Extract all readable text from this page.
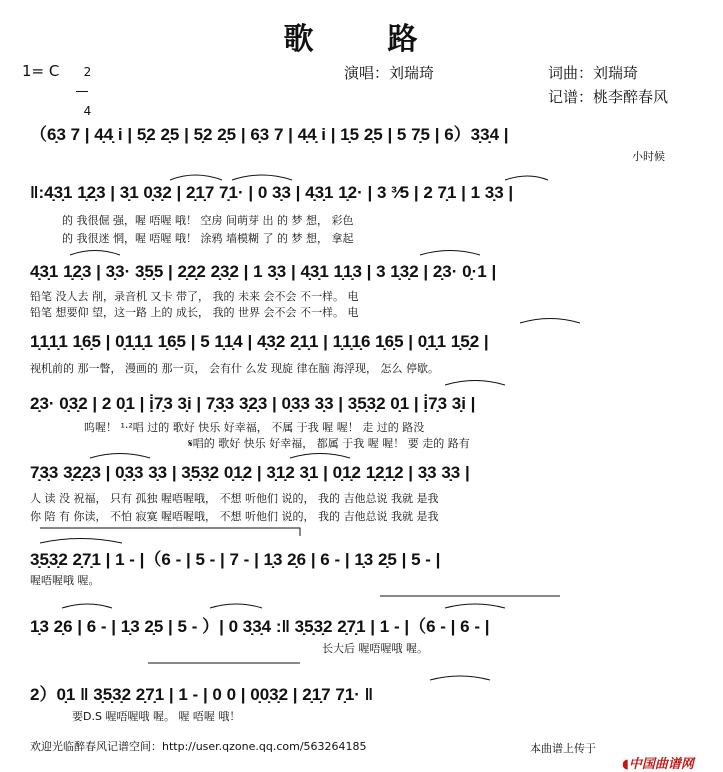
歌　路
1= C	2

4

演唱：刘瑞琦	词曲：刘瑞琦
记谱：桃李醉春风
（6̣3 7 | 4̣4̣ i | 5̣2 2̣5 | 5̣2 2̣5 | 6̣3 7 | 4̣4̣ i | 1̣5 2̣5 | 5 7̣5 | 6）3̣3̣4 |
小时候
‖:4̣3̣1 1̣2̣3 | 3̣1 0̣3̣2 | 2̣1̣7 7̣1· | 0 3̣3 | 4̣3̣1 1̣2· | 3 ³⁄5 | 2 7̣1 | 1 3̣3 |
的 我很倔 强，喔 唔喔 哦！ 空房 间萌芽 出 的 梦 想， 彩色
的 我很迷 惘，喔 唔喔 哦！ 涂鸦 墙模糊 了 的 梦 想， 拿起
4̣3̣1 1̣2̣3 | 3̣3· 3̣5̣5 | 2̣2̣2 2̣3̣2 | 1 3̣3 | 4̣3̣1 1̣1̣3 | 3 1̣3̣2 | 2̣3· 0̣·1 |
铅笔 没人去 削，录音机 又卡 带了， 我的 未来 会不会 不一样。 电
铅笔 想要仰 望，这一路 上的 成长， 我的 世界 会不会 不一样。 电
1̣1̣1̣1 1̣6̣5 | 0̣1̣1̣1 1̣6̣5 | 5 1̣1̣4 | 4̣3̣2 2̣1̣1 | 1̣1̣1̣6 1̣6̣5 | 0̣1̣1 1̣5̣2 |
视机前的 那一瞥， 漫画的 那一页， 会有什 么发 现旋 律在脑 海浮现， 怎么 停歇。
2̣3· 0̣3̣2 | 2 0̣1 | ị̇7̣3 3̣i | 7̣3̣3 3̣2̣3 | 0̣3̣3 3̣3 | 3̣5̣3̣2 0̣1 | ị̇7̣3 3̣i |
呜喔！ ¹·²唱 过的 歌好 快乐 好幸福， 不属 于我 喔 喔！ 走 过的 路没
𝄋唱的 歌好 快乐 好幸福， 都属 于我 喔 喔！ 要 走的 路有
7̣3̣3 3̣2̣2̣3 | 0̣3̣3 3̣3 | 3̣5̣3̣2 0̣1̣2 | 3̣1̣2 3̣1 | 0̣1̣2 1̣2̣1̣2 | 3̣3 3̣3 |
人 读 没 祝福， 只有 孤独 喔唔喔哦， 不想 听他们 说的， 我的 吉他总说 我就 是我
你 陪 有 你读， 不怕 寂寞 喔唔喔哦， 不想 听他们 说的， 我的 吉他总说 我就 是我
3̣5̣3̣2 2̣7̣1 | 1 - |（6 - | 5 - | 7 - | 1̣3 2̣6 | 6 - | 1̣3 2̣5 | 5 - |
喔唔喔哦 喔。
1̣3 2̣6 | 6 - | 1̣3 2̣5 | 5 - ）| 0 3̣3̣4 :‖ 3̣5̣3̣2 2̣7̣1 | 1 - |（6 - | 6 - |
长大后 喔唔喔哦 喔。
2）0̣1 ‖ 3̣5̣3̣2 2̣7̣1 | 1 - | 0 0 | 0̣0̣3̣2 | 2̣1̣7 7̣1· ‖
要D.S 喔唔喔哦 喔。 喔 唔喔 哦！
欢迎光临醉春风记谱空间：http://user.qzone.qq.com/563264185	本曲谱上传于

◖中国曲谱网
